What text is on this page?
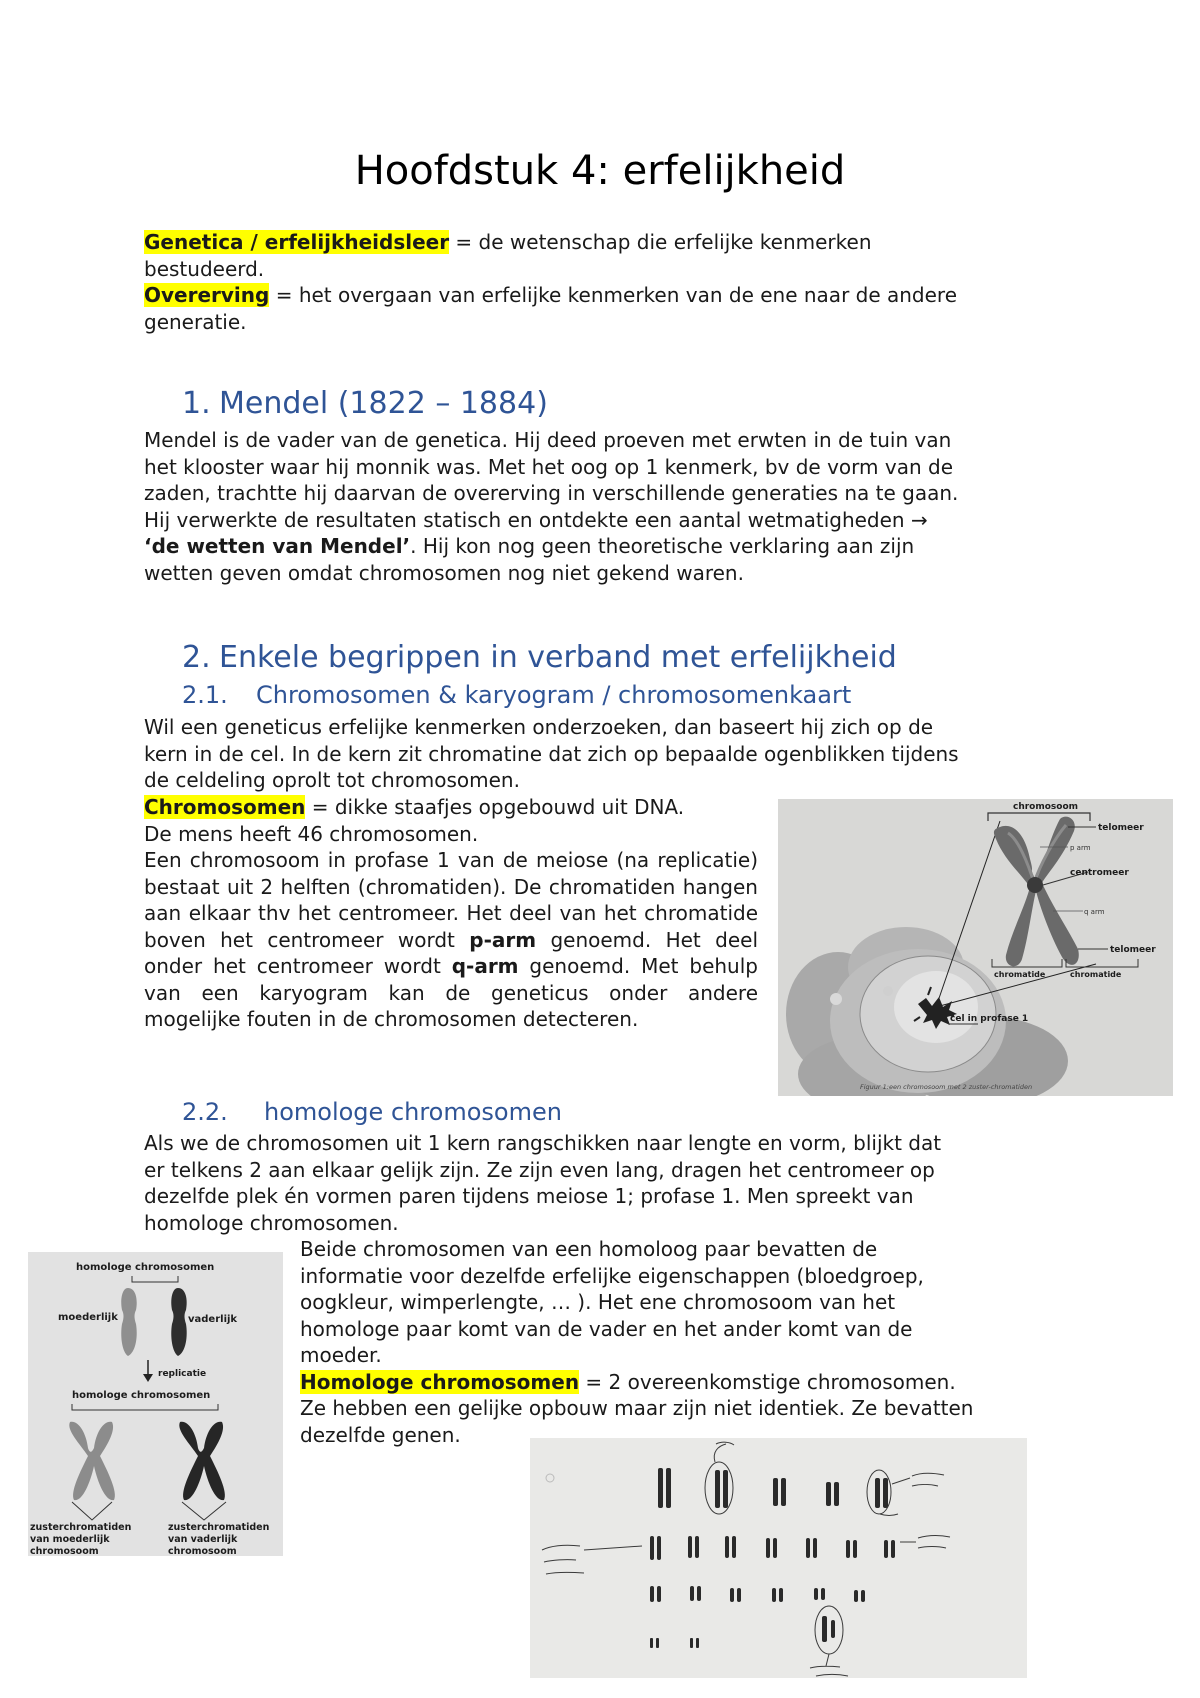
Hoofdstuk 4: erfelijkheid

Genetica / erfelijkheidsleer = de wetenschap die erfelijke kenmerken

bestudeerd.

Overerving = het overgaan van erfelijke kenmerken van de ene naar de andere

generatie.

1. Mendel (1822 – 1884)

Mendel is de vader van de genetica. Hij deed proeven met erwten in de tuin van

het klooster waar hij monnik was. Met het oog op 1 kenmerk, bv de vorm van de

zaden, trachtte hij daarvan de overerving in verschillende generaties na te gaan.

Hij verwerkte de resultaten statisch en ontdekte een aantal wetmatigheden →

‘de wetten van Mendel’. Hij kon nog geen theoretische verklaring aan zijn

wetten geven omdat chromosomen nog niet gekend waren.

2. Enkele begrippen in verband met erfelijkheid
2.1. Chromosomen & karyogram / chromosomenkaart

Wil een geneticus erfelijke kenmerken onderzoeken, dan baseert hij zich op de

kern in de cel. In de kern zit chromatine dat zich op bepaalde ogenblikken tijdens

de celdeling oprolt tot chromosomen.

Chromosomen = dikke staafjes opgebouwd uit DNA.

De mens heeft 46 chromosomen.

Een chromosoom in profase 1 van de meiose (na replicatie) bestaat uit 2 helften (chromatiden). De chromatiden hangen aan elkaar thv het centromeer. Het deel van het chromatide boven het centromeer wordt p-arm genoemd. Het deel onder het centromeer wordt q-arm genoemd. Met behulp van een karyogram kan de geneticus onder andere mogelijke fouten in de chromosomen detecteren.

chromosoom
telomeer
p arm
centromeer
q arm
telomeer
chromatide	chromatide
cel in profase 1
Figuur 1:een chromosoom met 2 zuster-chromatiden
2.2. homologe chromosomen

Als we de chromosomen uit 1 kern rangschikken naar lengte en vorm, blijkt dat

er telkens 2 aan elkaar gelijk zijn. Ze zijn even lang, dragen het centromeer op

dezelfde plek én vormen paren tijdens meiose 1; profase 1. Men spreekt van

homologe chromosomen.

Beide chromosomen van een homoloog paar bevatten de

informatie voor dezelfde erfelijke eigenschappen (bloedgroep,

oogkleur, wimperlengte, … ). Het ene chromosoom van het

homologe paar komt van de vader en het ander komt van de

moeder.

Homologe chromosomen = 2 overeenkomstige chromosomen.

Ze hebben een gelijke opbouw maar zijn niet identiek. Ze bevatten

dezelfde genen.

homologe chromosomen
moederlijk	vaderlijk
replicatie
homologe chromosomen
zusterchromatiden
van moederlijk
chromosoom
zusterchromatiden
van vaderlijk
chromosoom
